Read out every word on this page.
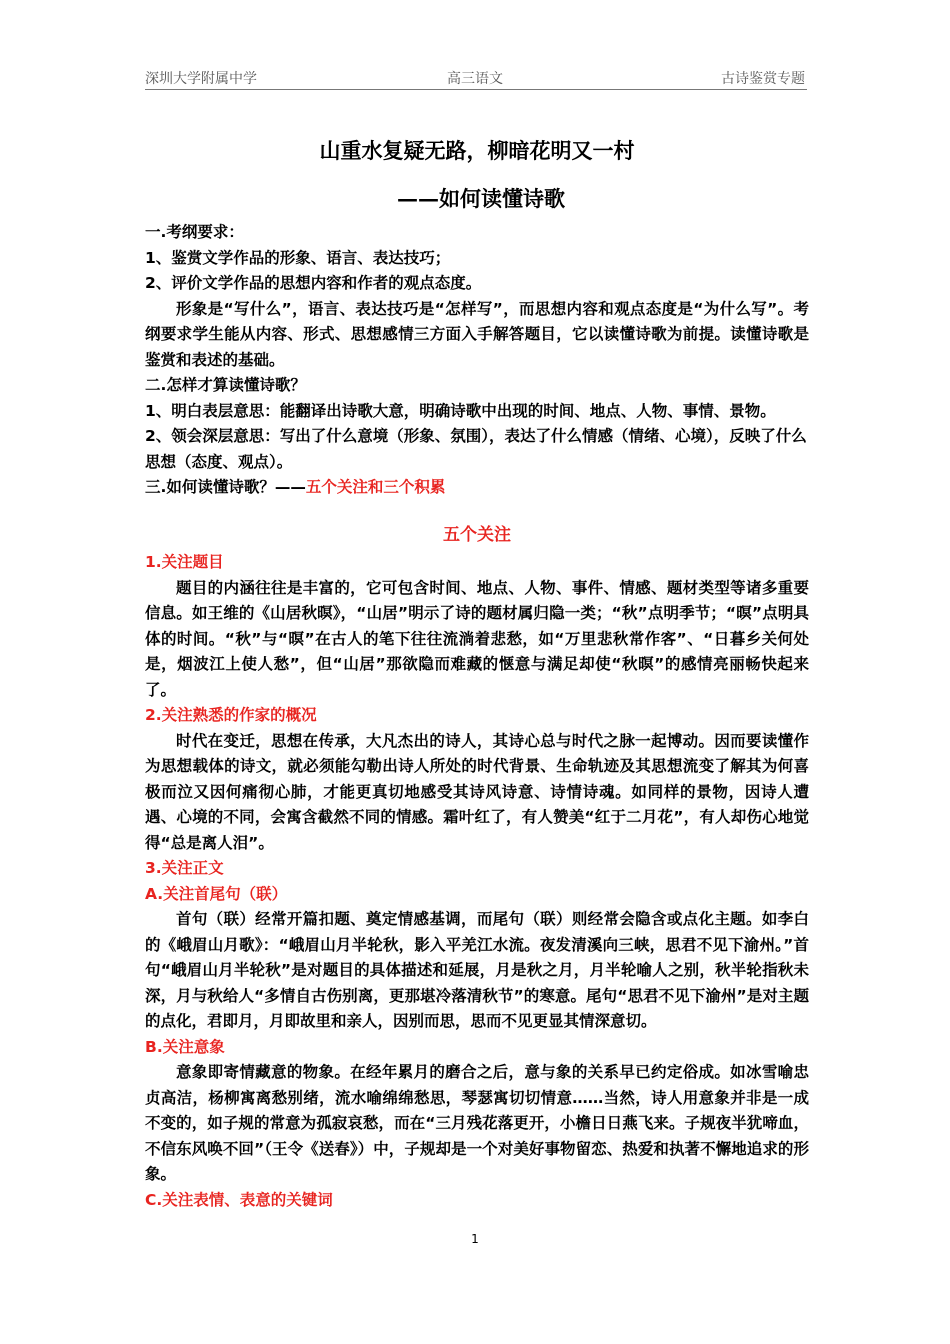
深圳大学附属中学	高三语文	古诗鉴赏专题
山重水复疑无路，柳暗花明又一村
——如何读懂诗歌

一.考纲要求：

1、鉴赏文学作品的形象、语言、表达技巧；

2、评价文学作品的思想内容和作者的观点态度。

形象是“写什么”，语言、表达技巧是“怎样写”，而思想内容和观点态度是“为什么写”。考纲要求学生能从内容、形式、思想感情三方面入手解答题目，它以读懂诗歌为前提。读懂诗歌是鉴赏和表述的基础。

二.怎样才算读懂诗歌？

1、明白表层意思：能翻译出诗歌大意，明确诗歌中出现的时间、地点、人物、事情、景物。

2、领会深层意思：写出了什么意境（形象、氛围），表达了什么情感（情绪、心境），反映了什么思想（态度、观点）。

三.如何读懂诗歌？——五个关注和三个积累

五个关注

1.关注题目

题目的内涵往往是丰富的，它可包含时间、地点、人物、事件、情感、题材类型等诸多重要信息。如王维的《山居秋暝》，“山居”明示了诗的题材属归隐一类；“秋”点明季节；“暝”点明具体的时间。“秋”与“暝”在古人的笔下往往流淌着悲愁，如“万里悲秋常作客”、“日暮乡关何处是，烟波江上使人愁”，但“山居”那欲隐而难藏的惬意与满足却使“秋暝”的感情亮丽畅快起来了。

2.关注熟悉的作家的概况

时代在变迁，思想在传承，大凡杰出的诗人，其诗心总与时代之脉一起博动。因而要读懂作为思想载体的诗文，就必须能勾勒出诗人所处的时代背景、生命轨迹及其思想流变了解其为何喜极而泣又因何痛彻心肺，才能更真切地感受其诗风诗意、诗情诗魂。如同样的景物，因诗人遭遇、心境的不同，会寓含截然不同的情感。霜叶红了，有人赞美“红于二月花”，有人却伤心地觉得“总是离人泪”。

3.关注正文

A.关注首尾句（联）

首句（联）经常开篇扣题、奠定情感基调，而尾句（联）则经常会隐含或点化主题。如李白的《峨眉山月歌》：“峨眉山月半轮秋，影入平羌江水流。夜发清溪向三峡，思君不见下渝州。”首句“峨眉山月半轮秋”是对题目的具体描述和延展，月是秋之月，月半轮喻人之别，秋半轮指秋未深，月与秋给人“多情自古伤别离，更那堪冷落清秋节”的寒意。尾句“思君不见下渝州”是对主题的点化，君即月，月即故里和亲人，因别而思，思而不见更显其情深意切。

B.关注意象

意象即寄情藏意的物象。在经年累月的磨合之后，意与象的关系早已约定俗成。如冰雪喻忠贞高洁，杨柳寓离愁别绪，流水喻绵绵愁思，琴瑟寓切切情意……当然，诗人用意象并非是一成不变的，如子规的常意为孤寂哀愁，而在“三月残花落更开，小檐日日燕飞来。子规夜半犹啼血，不信东风唤不回”（王令《送春》）中，子规却是一个对美好事物留恋、热爱和执著不懈地追求的形象。

C.关注表情、表意的关键词

1
